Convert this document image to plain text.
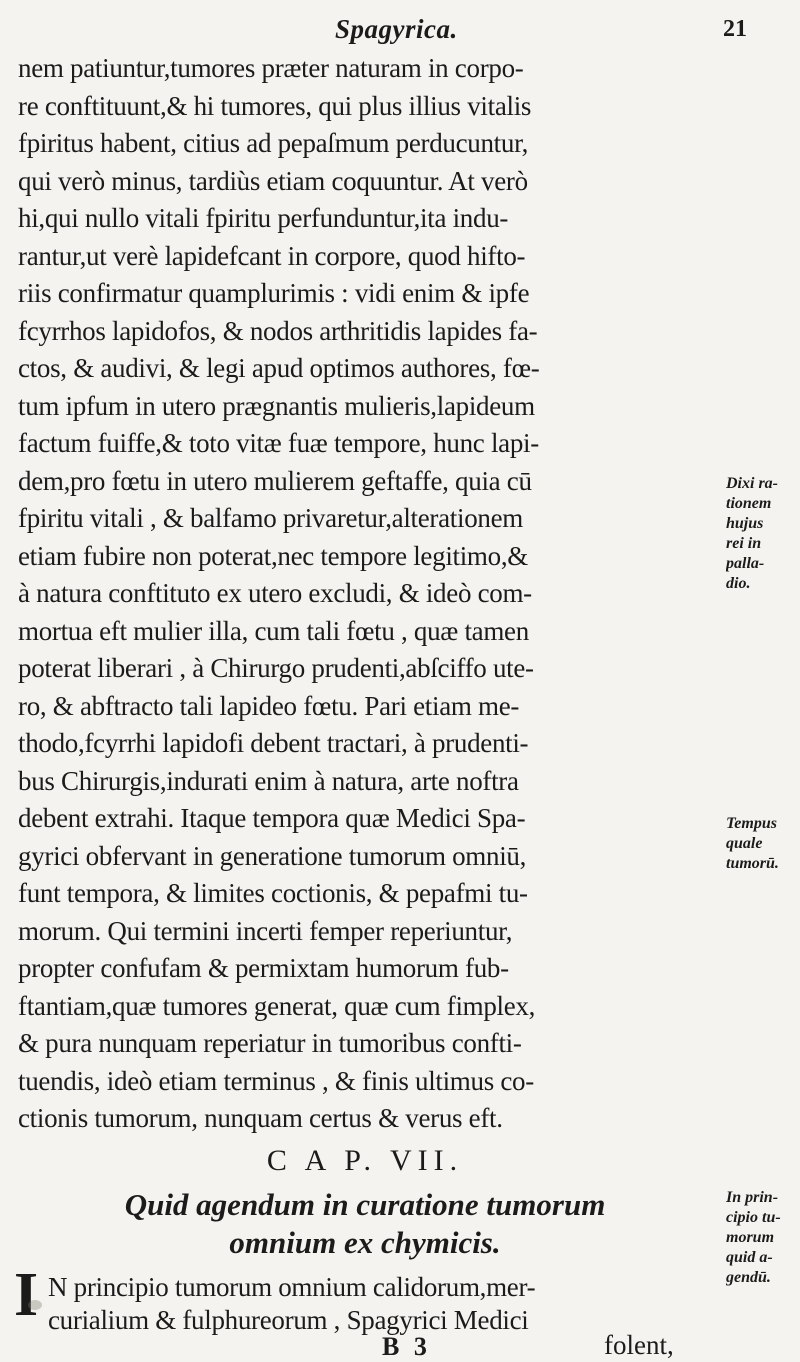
Spagyrica.	21
nem patiuntur,tumores præter naturam in corpo-
re conftituunt,& hi tumores, qui plus illius vitalis
fpiritus habent, citius ad pepaſmum perducuntur,
qui verò minus, tardiùs etiam coquuntur. At verò
hi,qui nullo vitali fpiritu perfunduntur,ita indu-
rantur,ut verè lapidefcant in corpore, quod hifto-
riis confirmatur quamplurimis : vidi enim & ipfe
fcyrrhos lapidofos, & nodos arthritidis lapides fa-
ctos, & audivi, & legi apud optimos authores, fœ-
tum ipfum in utero prægnantis mulieris,lapideum
factum fuiffe,& toto vitæ fuæ tempore, hunc lapi-
dem,pro fœtu in utero mulierem geftaffe, quia cū
fpiritu vitali , & balfamo privaretur,alterationem
etiam fubire non poterat,nec tempore legitimo,&
à natura conftituto ex utero excludi, & ideò com-
mortua eft mulier illa, cum tali fœtu , quæ tamen
poterat liberari , à Chirurgo prudenti,abſciffo ute-
ro, & abftracto tali lapideo fœtu. Pari etiam me-
thodo,fcyrrhi lapidofi debent tractari, à prudenti-
bus Chirurgis,indurati enim à natura, arte noftra
debent extrahi. Itaque tempora quæ Medici Spa-
gyrici obfervant in generatione tumorum omniū,
funt tempora, & limites coctionis, & pepafmi tu-
morum. Qui termini incerti femper reperiuntur,
propter confufam & permixtam humorum fub-
ftantiam,quæ tumores generat, quæ cum fimplex,
& pura nunquam reperiatur in tumoribus confti-
tuendis, ideò etiam terminus , & finis ultimus co-
ctionis tumorum, nunquam certus & verus eft.
C A P. VII.
Quid agendum in curatione tumorum
omnium ex chymicis.
I N principio tumorum omnium calidorum,mer-
curialium & fulphureorum , Spagyrici Medici
B 3	folent,
Dixi ra-
tionem
hujus
rei in
palla-
dio.
Tempus
quale
tumorū.
In prin-
cipio tu-
morum
quid a-
gendū.
